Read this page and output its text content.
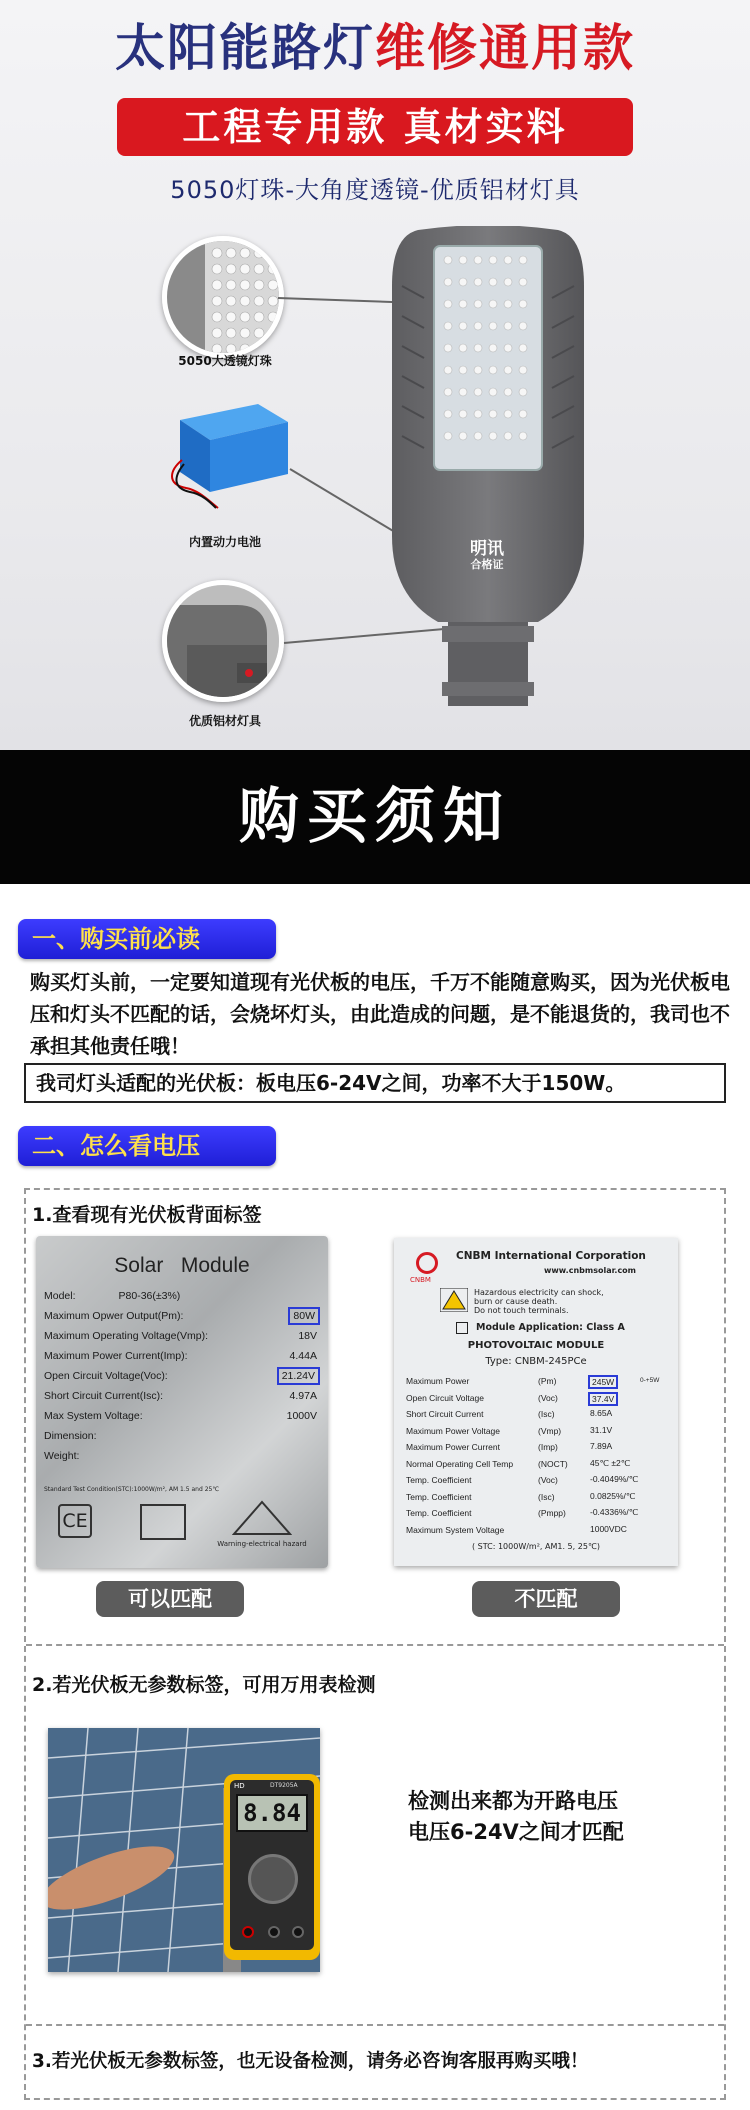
太阳能路灯维修通用款
工程专用款 真材实料
5050灯珠-大角度透镜-优质铝材灯具
5050大透镜灯珠
内置动力电池
优质铝材灯具
明讯
合格证
购买须知
一、购买前必读
购买灯头前，一定要知道现有光伏板的电压，千万不能随意购买，因为光伏板电压和灯头不匹配的话，会烧坏灯头，由此造成的问题，是不能退货的，我司也不承担其他责任哦！
我司灯头适配的光伏板：板电压6-24V之间，功率不大于150W。
二、怎么看电压
1.查看现有光伏板背面标签
Solar   Module
Model:	P80-36(±3%)
Maximum Opwer Output(Pm):	80W
Maximum Operating Voltage(Vmp):	18V
Maximum Power Current(Imp):	4.44A
Open Circuit Voltage(Voc):	21.24V
Short Circuit Current(Isc):	4.97A
Max System Voltage:	1000V
Dimension:
Weight:
Standard Test Condition(STC):1000W/m², AM 1.5 and 25℃
CE
Warning-electrical hazard
CNBM
CNBM International Corporation
www.cnbmsolar.com
Hazardous electricity can shock,
burn or cause death.
Do not touch terminals.
Module Application: Class A
PHOTOVOLTAIC MODULE
Type: CNBM-245PCe
Maximum Power	(Pm)	245W	0-+5W
Open Circuit Voltage	(Voc)	37.4V
Short Circuit Current	(Isc)	8.65A
Maximum Power Voltage	(Vmp)	31.1V
Maximum Power Current	(Imp)	7.89A
Normal Operating Cell Temp	(NOCT)	45℃ ±2℃
Temp. Coefficient	(Voc)	-0.4049%/℃
Temp. Coefficient	(Isc)	0.0825%/℃
Temp. Coefficient	(Pmpp)	-0.4336%/℃
Maximum System Voltage	1000VDC
( STC: 1000W/m², AM1. 5, 25℃)
可以匹配	不匹配
2.若光伏板无参数标签，可用万用表检测
HD	DT9205A
8.84	检测出来都为开路电压
电压6-24V之间才匹配
3.若光伏板无参数标签，也无设备检测，请务必咨询客服再购买哦！
